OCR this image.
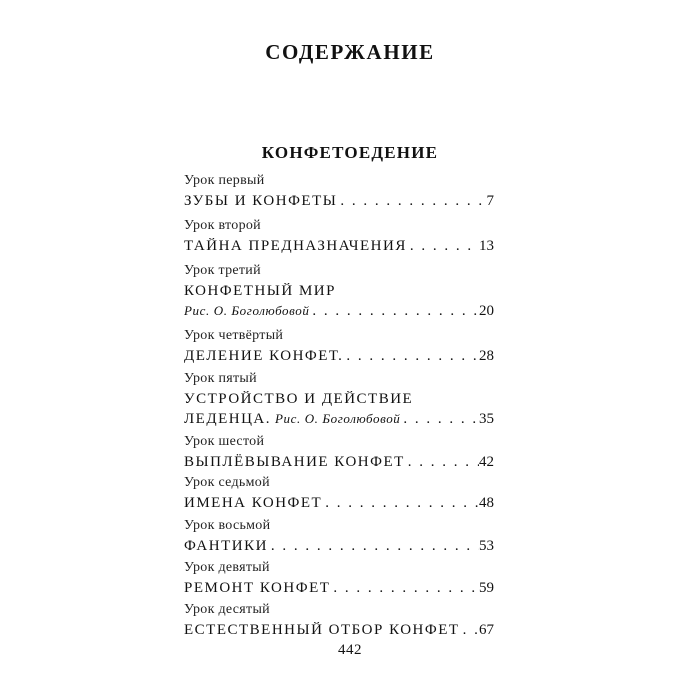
СОДЕРЖАНИЕ
КОНФЕТОЕДЕНИЕ
Урок первый
ЗУБЫ И КОНФЕТЫ . . .	7
Урок второй
ТАЙНА ПРЕДНАЗНАЧЕНИЯ . . .	13
Урок третий
КОНФЕТНЫЙ МИР
Рис. О. Боголюбовой . . .	20
Урок четвёртый
ДЕЛЕНИЕ КОНФЕТ. . . .	28
Урок пятый
УСТРОЙСТВО И ДЕЙСТВИЕ
ЛЕДЕНЦА. Рис. О. Боголюбовой . . .	35
Урок шестой
ВЫПЛЁВЫВАНИЕ КОНФЕТ . . .	42
Урок седьмой
ИМЕНА КОНФЕТ . . .	48
Урок восьмой
ФАНТИКИ . . .	53
Урок девятый
РЕМОНТ КОНФЕТ . . .	59
Урок десятый
ЕСТЕСТВЕННЫЙ ОТБОР КОНФЕТ . . . 67
442
